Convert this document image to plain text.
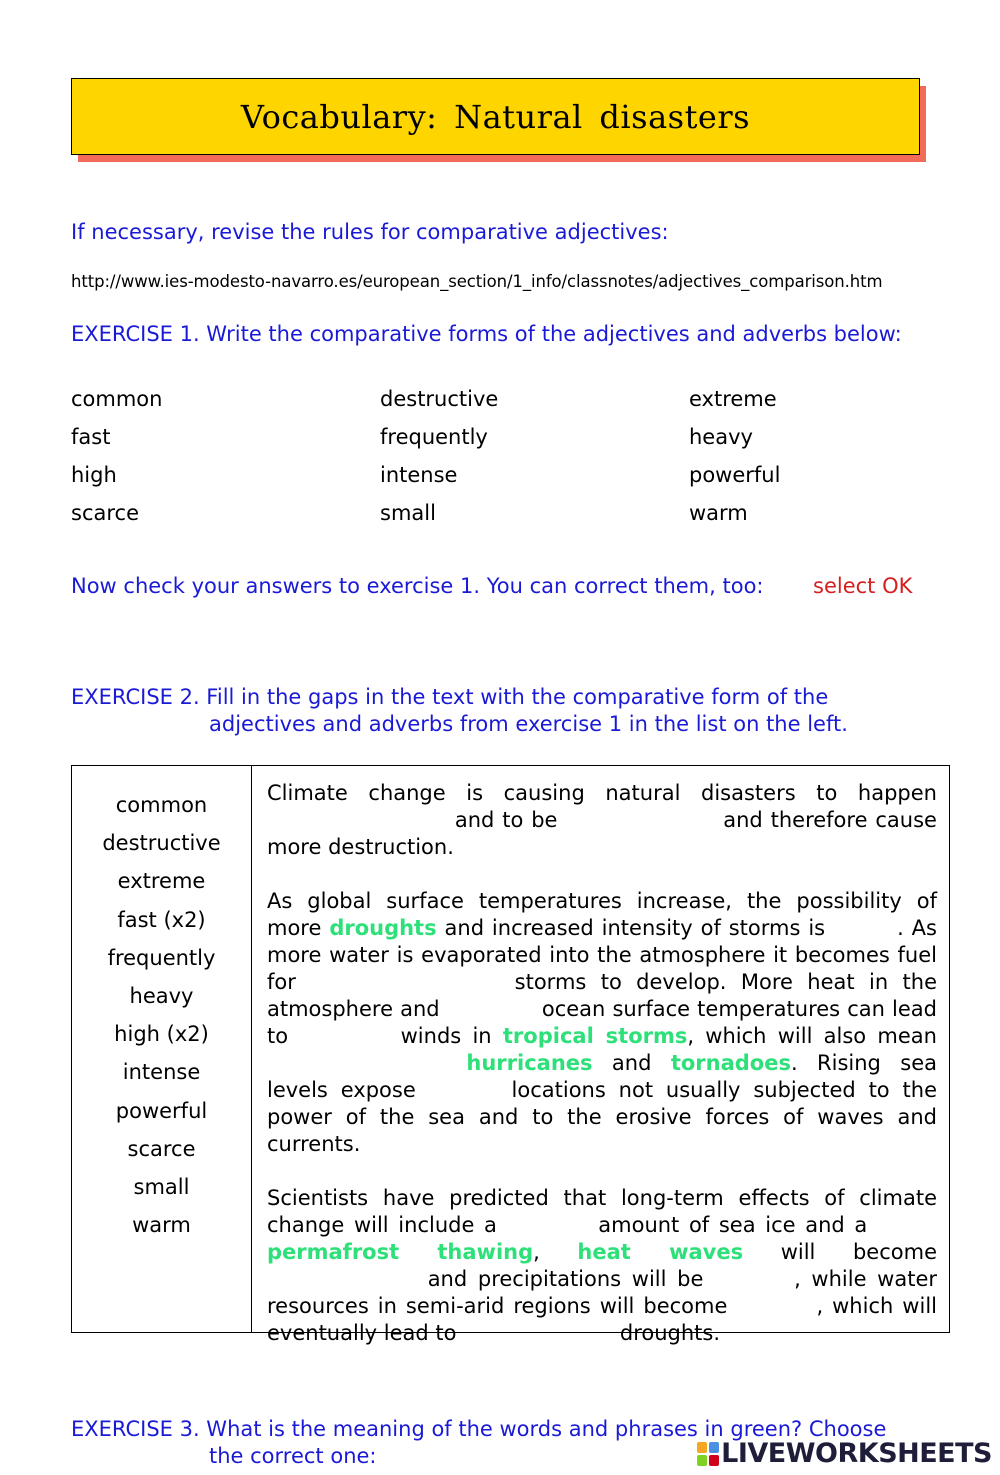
Vocabulary: Natural disasters
If necessary, revise the rules for comparative adjectives:
http://www.ies-modesto-navarro.es/european_section/1_info/classnotes/adjectives_comparison.htm
EXERCISE 1. Write the comparative forms of the adjectives and adverbs below:
common	destructive	extreme
fast	frequently	heavy
high	intense	powerful
scarce	small	warm
Now check your answers to exercise 1. You can correct them, too: select OK
EXERCISE 2. Fill in the gaps in the text with the comparative form of the
adjectives and adverbs from exercise 1 in the list on the left.
common
destructive
extreme
fast (x2)
frequently
heavy
high (x2)
intense
powerful
scarce
small
warm

Climate change is causing natural disasters to happen  and to be	and therefore cause more destruction.

As global surface temperatures increase, the possibility of more droughts and increased intensity of storms is	. As more water is evaporated into the atmosphere it becomes fuel for	storms to develop. More heat in the atmosphere and	ocean surface temperatures can lead to	winds in tropical storms, which will also mean  hurricanes and tornadoes. Rising sea levels expose	locations not usually subjected to the power of the sea and to the erosive forces of waves and currents.

Scientists have predicted that long-term effects of climate change will include a	amount of sea ice and a  permafrost thawing, heat waves will become  and precipitations will be	, while water resources in semi-arid regions will become	, which will eventually lead to	droughts.

EXERCISE 3. What is the meaning of the words and phrases in green? Choose
the correct one:	LIVEWORKSHEETS
